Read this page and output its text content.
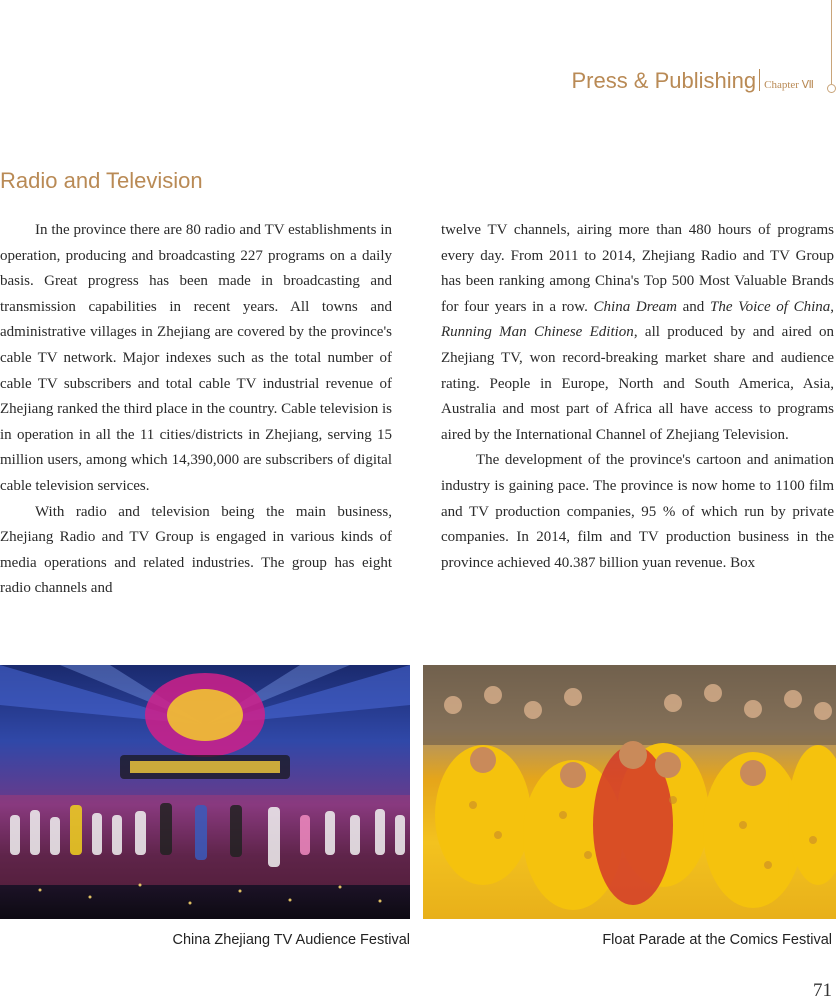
Press & Publishing Chapter Ⅶ
Radio and Television

In the province there are 80 radio and TV establishments in operation, producing and broadcasting 227 programs on a daily basis. Great progress has been made in broadcasting and transmission capabilities in recent years. All towns and administrative villages in Zhejiang are covered by the province's cable TV network. Major indexes such as the total number of cable TV subscribers and total cable TV industrial revenue of Zhejiang ranked the third place in the country. Cable television is in operation in all the 11 cities/districts in Zhejiang, serving 15 million users, among which 14,390,000 are subscribers of digital cable television services.

With radio and television being the main business, Zhejiang Radio and TV Group is engaged in various kinds of media operations and related industries. The group has eight radio channels and

twelve TV channels, airing more than 480 hours of programs every day. From 2011 to 2014, Zhejiang Radio and TV Group has been ranking among China's Top 500 Most Valuable Brands for four years in a row. China Dream and The Voice of China, Running Man Chinese Edition, all produced by and aired on Zhejiang TV, won record-breaking market share and audience rating. People in Europe, North and South America, Asia, Australia and most part of Africa all have access to programs aired by the International Channel of Zhejiang Television.

The development of the province's cartoon and animation industry is gaining pace. The province is now home to 1100 film and TV production companies, 95 % of which run by private companies. In 2014, film and TV production business in the province achieved 40.387 billion yuan revenue. Box

China Zhejiang TV Audience Festival	Float Parade at the Comics Festival
71
